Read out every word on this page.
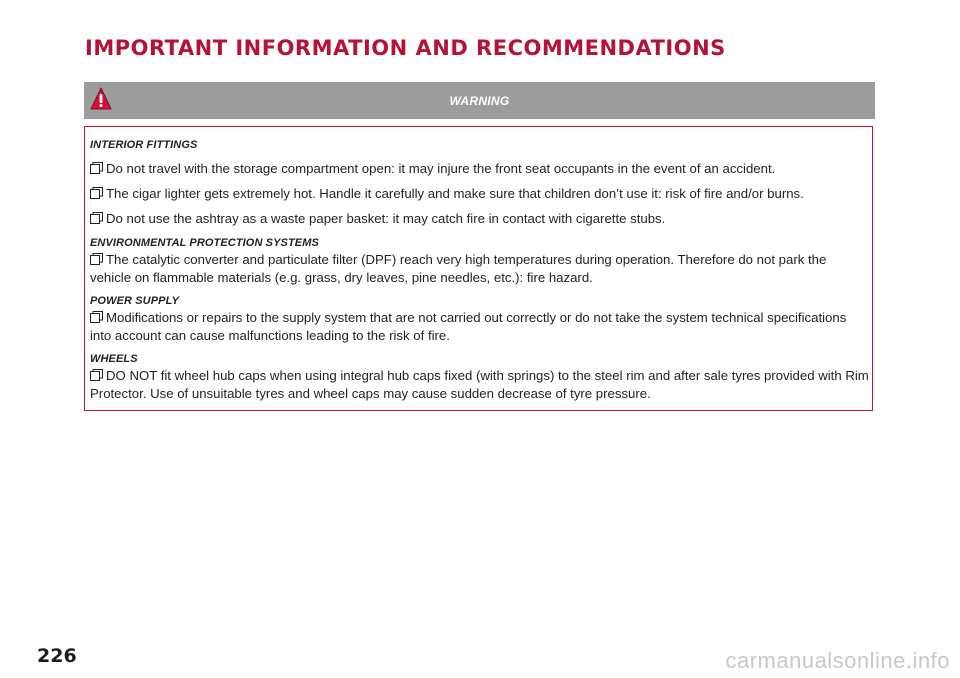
IMPORTANT INFORMATION AND RECOMMENDATIONS
WARNING
INTERIOR FITTINGS
Do not travel with the storage compartment open: it may injure the front seat occupants in the event of an accident.
The cigar lighter gets extremely hot. Handle it carefully and make sure that children don’t use it: risk of fire and/or burns.
Do not use the ashtray as a waste paper basket: it may catch fire in contact with cigarette stubs.
ENVIRONMENTAL PROTECTION SYSTEMS
The catalytic converter and particulate filter (DPF) reach very high temperatures during operation. Therefore do not park the vehicle on flammable materials (e.g. grass, dry leaves, pine needles, etc.): fire hazard.
POWER SUPPLY
Modifications or repairs to the supply system that are not carried out correctly or do not take the system technical specifications into account can cause malfunctions leading to the risk of fire.
WHEELS
DO NOT fit wheel hub caps when using integral hub caps fixed (with springs) to the steel rim and after sale tyres provided with Rim Protector. Use of unsuitable tyres and wheel caps may cause sudden decrease of tyre pressure.
226	carmanualsonline.info
